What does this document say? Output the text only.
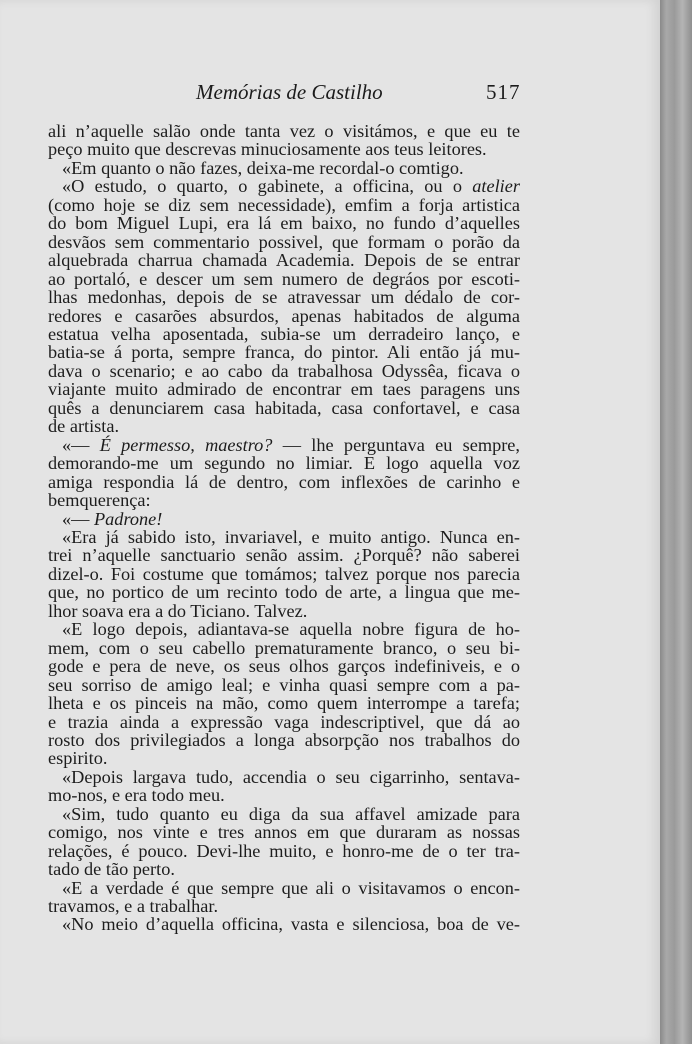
Memórias de Castilho	517
ali n’aquelle salão onde tanta vez o visitámos, e que eu te
peço muito que descrevas minuciosamente aos teus leitores.
«Em quanto o não fazes, deixa-me recordal-o comtigo.
«O estudo, o quarto, o gabinete, a officina, ou o atelier
(como hoje se diz sem necessidade), emfim a forja artistica
do bom Miguel Lupi, era lá em baixo, no fundo d’aquelles
desvãos sem commentario possivel, que formam o porão da
alquebrada charrua chamada Academia. Depois de se entrar
ao portaló, e descer um sem numero de degráos por escoti-
lhas medonhas, depois de se atravessar um dédalo de cor-
redores e casarões absurdos, apenas habitados de alguma
estatua velha aposentada, subia-se um derradeiro lanço, e
batia-se á porta, sempre franca, do pintor. Ali então já mu-
dava o scenario; e ao cabo da trabalhosa Odyssêa, ficava o
viajante muito admirado de encontrar em taes paragens uns
quês a denunciarem casa habitada, casa confortavel, e casa
de artista.
«— É permesso, maestro? — lhe perguntava eu sempre,
demorando-me um segundo no limiar. E logo aquella voz
amiga respondia lá de dentro, com inflexões de carinho e
bemquerença:
«— Padrone!
«Era já sabido isto, invariavel, e muito antigo. Nunca en-
trei n’aquelle sanctuario senão assim. ¿Porquê? não saberei
dizel-o. Foi costume que tomámos; talvez porque nos parecia
que, no portico de um recinto todo de arte, a lingua que me-
lhor soava era a do Ticiano. Talvez.
«E logo depois, adiantava-se aquella nobre figura de ho-
mem, com o seu cabello prematuramente branco, o seu bi-
gode e pera de neve, os seus olhos garços indefiniveis, e o
seu sorriso de amigo leal; e vinha quasi sempre com a pa-
lheta e os pinceis na mão, como quem interrompe a tarefa;
e trazia ainda a expressão vaga indescriptivel, que dá ao
rosto dos privilegiados a longa absorpção nos trabalhos do
espirito.
«Depois largava tudo, accendia o seu cigarrinho, sentava-
mo-nos, e era todo meu.
«Sim, tudo quanto eu diga da sua affavel amizade para
comigo, nos vinte e tres annos em que duraram as nossas
relações, é pouco. Devi-lhe muito, e honro-me de o ter tra-
tado de tão perto.
«E a verdade é que sempre que ali o visitavamos o encon-
travamos, e a trabalhar.
«No meio d’aquella officina, vasta e silenciosa, boa de ve-
